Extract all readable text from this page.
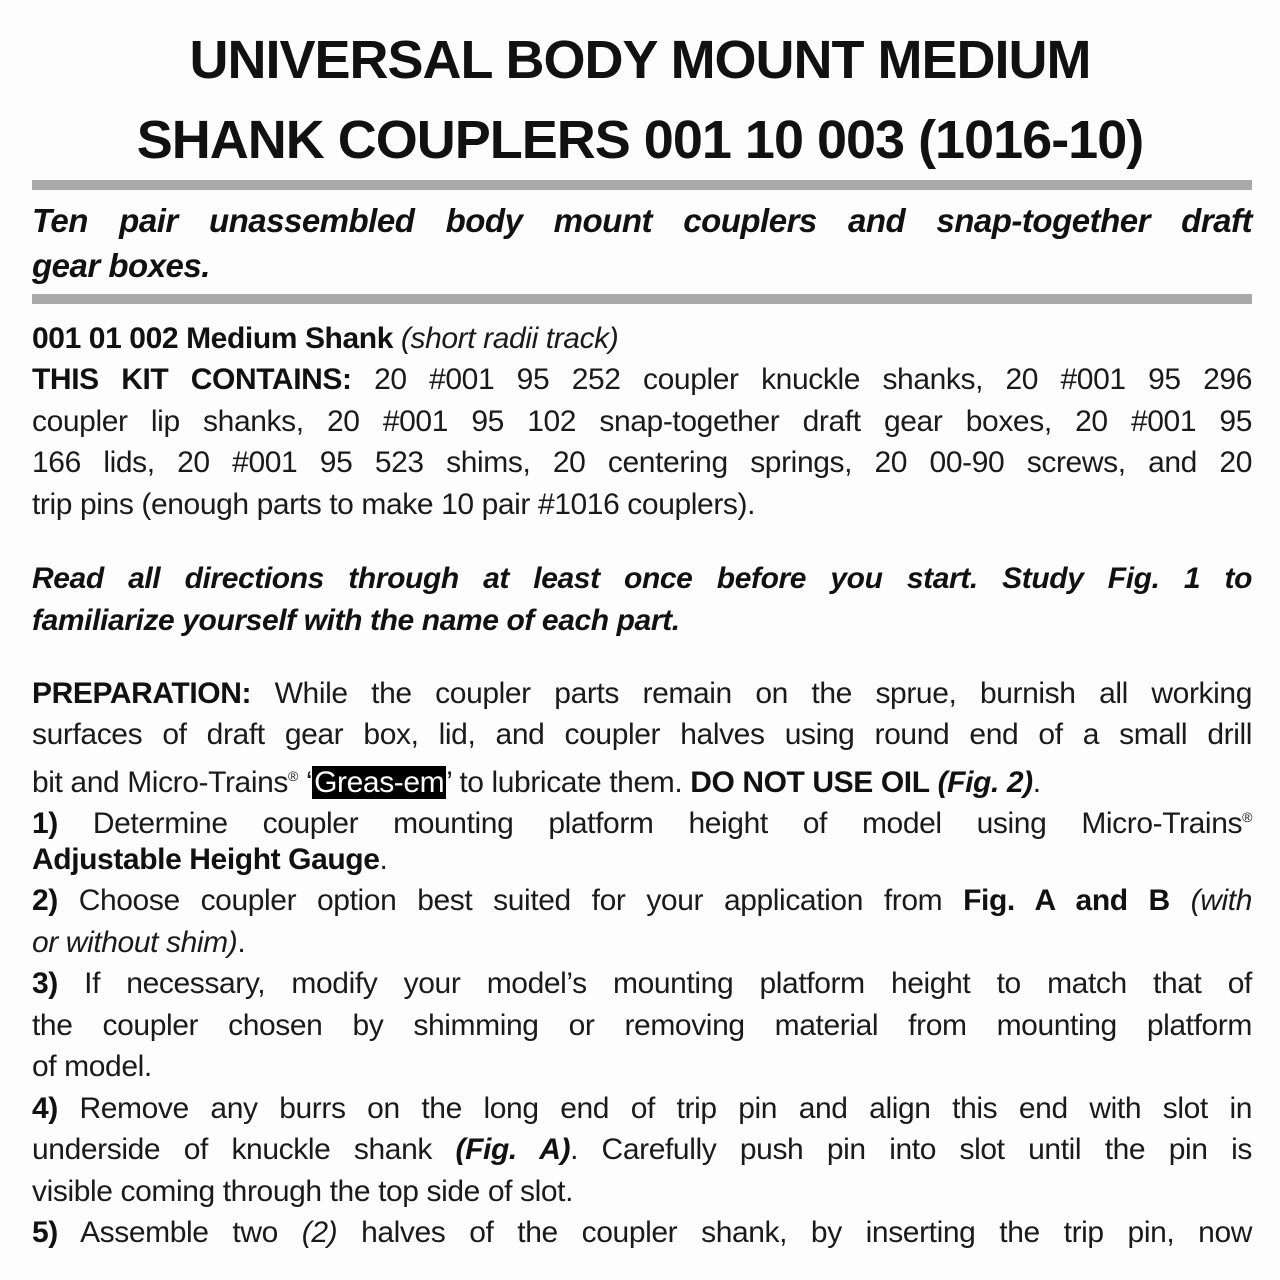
UNIVERSAL BODY MOUNT MEDIUM
SHANK COUPLERS 001 10 003 (1016-10)
Ten pair unassembled body mount couplers and snap-together draft
gear boxes.
001 01 002 Medium Shank (short radii track)
THIS KIT CONTAINS: 20 #001 95 252 coupler knuckle shanks, 20 #001 95 296
coupler lip shanks, 20 #001 95 102 snap-together draft gear boxes, 20 #001 95
166 lids, 20 #001 95 523 shims, 20 centering springs, 20 00-90 screws, and 20
trip pins (enough parts to make 10 pair #1016 couplers).
Read all directions through at least once before you start. Study Fig. 1 to
familiarize yourself with the name of each part.
PREPARATION: While the coupler parts remain on the sprue, burnish all working
surfaces of draft gear box, lid, and coupler halves using round end of a small drill
bit and Micro-Trains® ‘Greas-em’ to lubricate them. DO NOT USE OIL (Fig. 2).
1) Determine coupler mounting platform height of model using Micro-Trains®
Adjustable Height Gauge.
2) Choose coupler option best suited for your application from Fig. A and B (with
or without shim).
3) If necessary, modify your model’s mounting platform height to match that of
the coupler chosen by shimming or removing material from mounting platform
of model.
4) Remove any burrs on the long end of trip pin and align this end with slot in
underside of knuckle shank (Fig. A). Carefully push pin into slot until the pin is
visible coming through the top side of slot.
5) Assemble two (2) halves of the coupler shank, by inserting the trip pin, now
